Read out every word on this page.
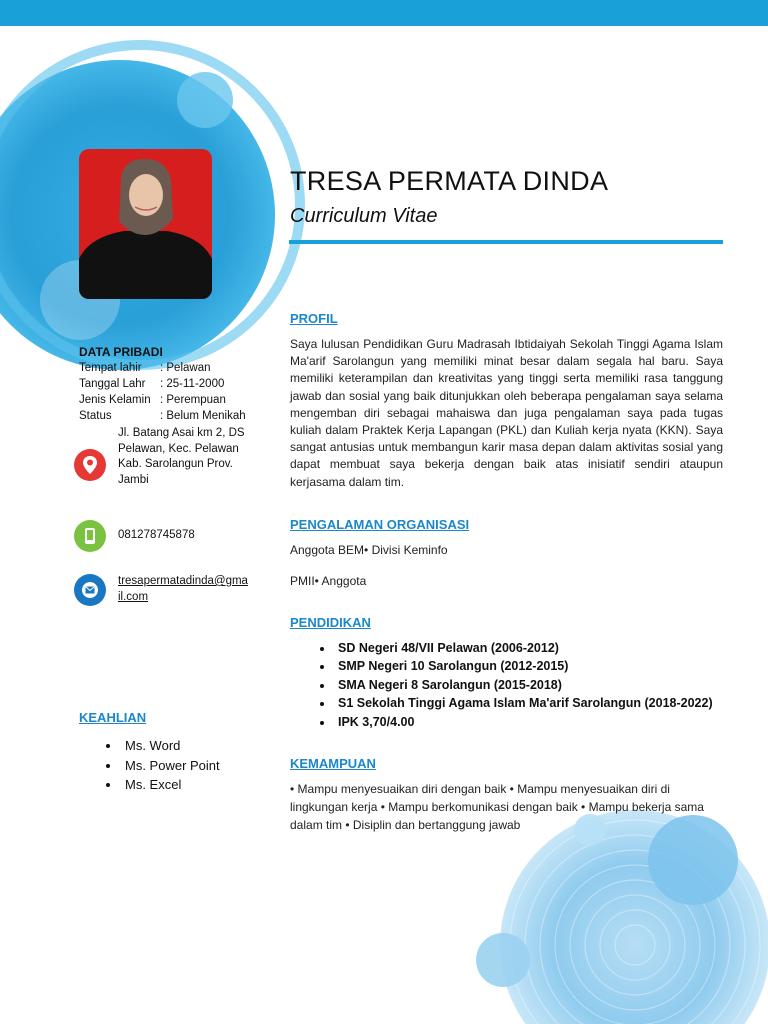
TRESA PERMATA DINDA
Curriculum Vitae
DATA PRIBADI
Tempat lahir : Pelawan
Tanggal Lahr : 25-11-2000
Jenis Kelamin : Perempuan
Status	: Belum Menikah
Jl. Batang Asai km 2, DS Pelawan, Kec. Pelawan Kab. Sarolangun Prov. Jambi
081278745878
tresapermatadinda@gmail.com
KEAHLIAN
• Ms. Word
• Ms. Power Point
• Ms. Excel
PROFIL
Saya lulusan Pendidikan Guru Madrasah Ibtidaiyah Sekolah Tinggi Agama Islam Ma'arif Sarolangun yang memiliki minat besar dalam segala hal baru. Saya memiliki keterampilan dan kreativitas yang tinggi serta memiliki rasa tanggung jawab dan sosial yang baik ditunjukkan oleh beberapa pengalaman saya selama mengemban diri sebagai mahaiswa dan juga pengalaman saya pada tugas kuliah dalam Praktek Kerja Lapangan (PKL) dan Kuliah kerja nyata (KKN). Saya sangat antusias untuk membangun karir masa depan dalam aktivitas sosial yang dapat membuat saya bekerja dengan baik atas inisiatif sendiri ataupun kerjasama dalam tim.
PENGALAMAN ORGANISASI
Anggota BEM• Divisi Keminfo
PMII• Anggota
PENDIDIKAN
• SD Negeri 48/VII Pelawan (2006-2012)
• SMP Negeri 10 Sarolangun (2012-2015)
• SMA Negeri 8 Sarolangun (2015-2018)
• S1 Sekolah Tinggi Agama Islam Ma'arif Sarolangun (2018-2022)
• IPK 3,70/4.00
KEMAMPUAN
• Mampu menyesuaikan diri dengan baik • Mampu menyesuaikan diri di lingkungan kerja • Mampu berkomunikasi dengan baik • Mampu bekerja sama dalam tim • Disiplin dan bertanggung jawab
